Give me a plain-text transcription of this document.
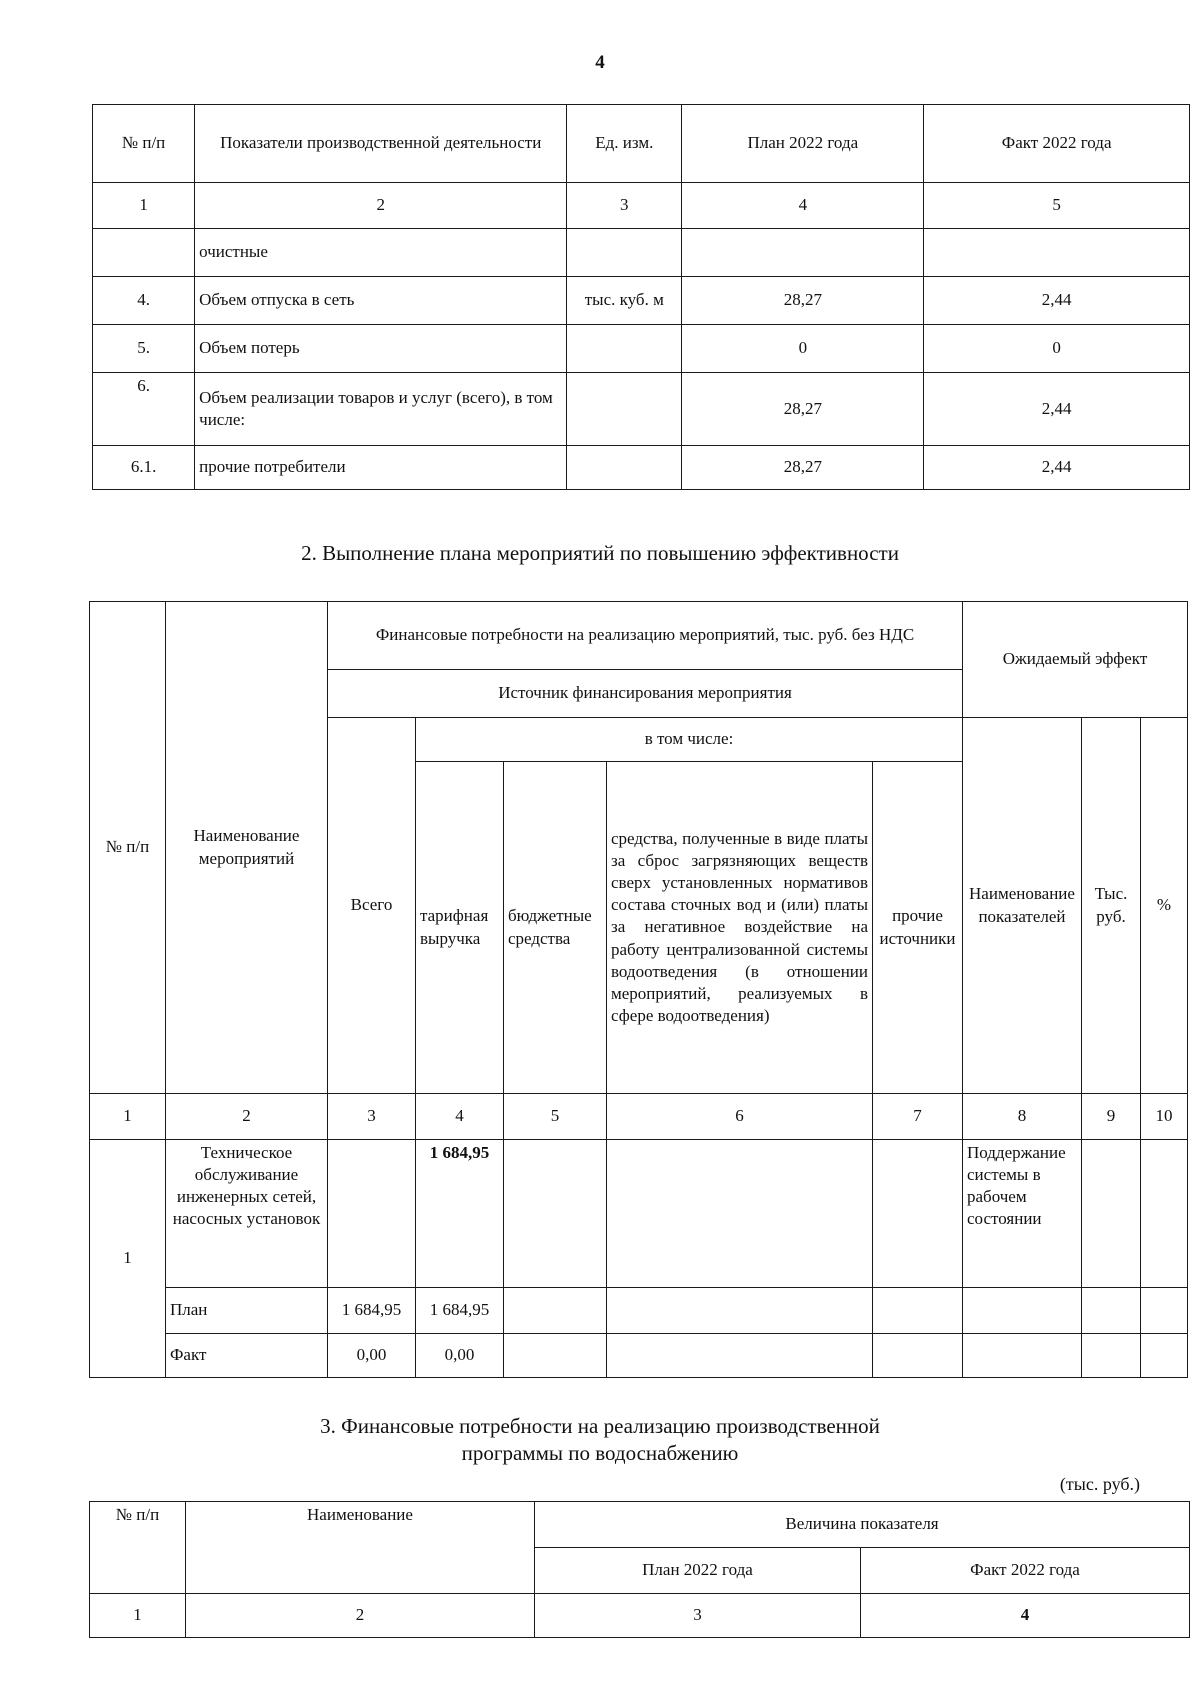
4
№ п/п	Показатели производственной деятельности	Ед. изм.	План 2022 года	Факт 2022 года
1	2	3	4	5
	очистные			
4.	Объем отпуска в сеть	тыс. куб. м	28,27	2,44
5.	Объем потерь		0	0
6.	Объем реализации товаров и услуг (всего), в том числе:		28,27	2,44
6.1.	прочие потребители		28,27	2,44
2. Выполнение плана мероприятий по повышению эффективности
№ п/п	Наименование мероприятий	Финансовые потребности на реализацию мероприятий, тыс. руб. без НДС					Ожидаемый эффект		
		Источник финансирования мероприятия							
		Всего	в том числе:				Наименование показателей	Тыс. руб.	%
			тарифная выручка	бюджетные средства	средства, полученные в виде платы за сброс загрязняющих веществ сверх установленных нормативов состава сточных вод и (или) платы за негативное воздействие на работу централизованной системы водоотведения (в отношении мероприятий, реализуемых в сфере водоотведения)	прочие источники			
1	2	3	4	5	6	7	8	9	10
1	Техническое обслуживание инженерных сетей, насосных установок		1 684,95				Поддержание системы в рабочем состоянии		
	План	1 684,95	1 684,95						
	Факт	0,00	0,00						
3. Финансовые потребности на реализацию производственной
программы по водоснабжению
(тыс. руб.)
№ п/п	Наименование	Величина показателя	
		План 2022 года	Факт 2022 года
1	2	3	4
